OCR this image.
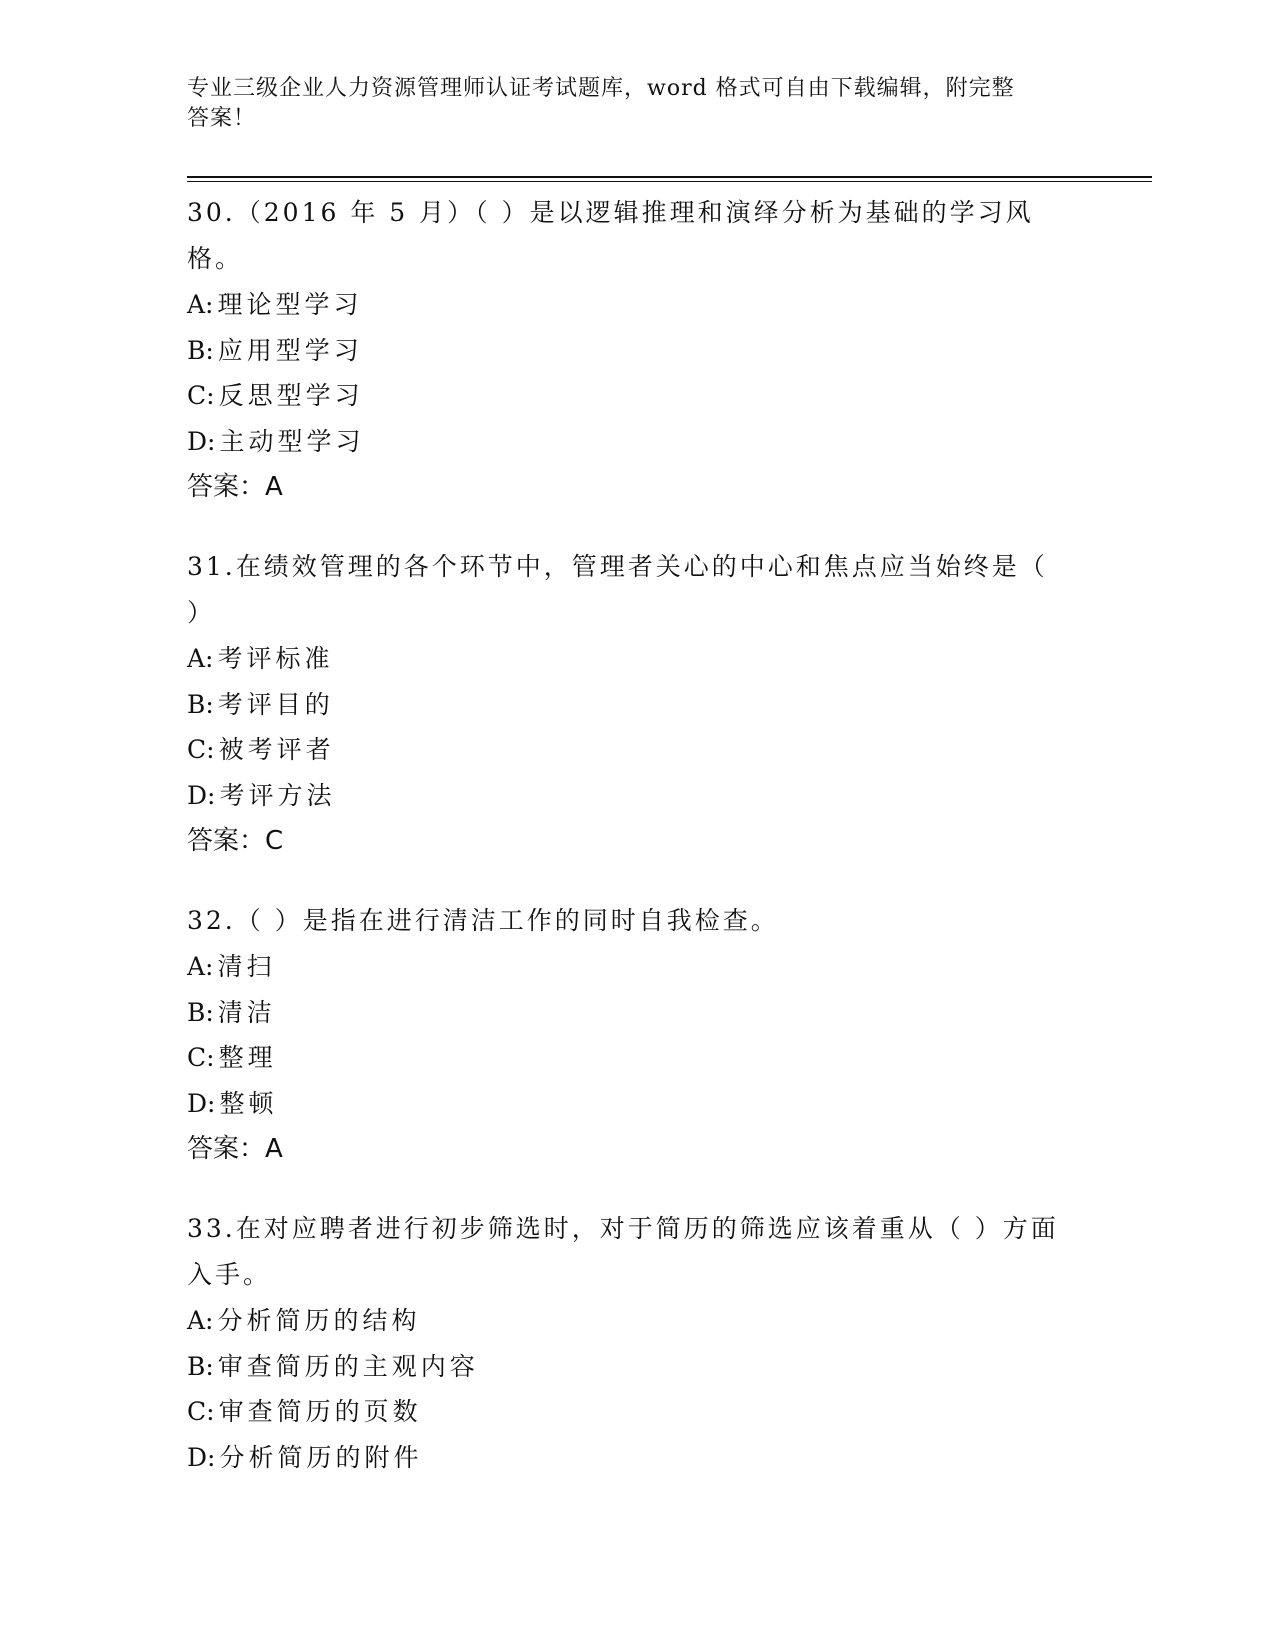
专业三级企业人力资源管理师认证考试题库，word 格式可自由下载编辑，附完整
答案！

30.（2016 年 5 月）（ ）是以逻辑推理和演绎分析为基础的学习风格。

A: 理论型学习

B: 应用型学习

C: 反思型学习

D: 主动型学习

答案：A

31.在绩效管理的各个环节中，管理者关心的中心和焦点应当始终是（ ）

A: 考评标准

B: 考评目的

C: 被考评者

D: 考评方法

答案：C

32.（ ）是指在进行清洁工作的同时自我检查。

A: 清扫

B: 清洁

C: 整理

D: 整顿

答案：A

33.在对应聘者进行初步筛选时，对于简历的筛选应该着重从（ ）方面入手。

A: 分析简历的结构

B: 审查简历的主观内容

C: 审查简历的页数

D: 分析简历的附件
